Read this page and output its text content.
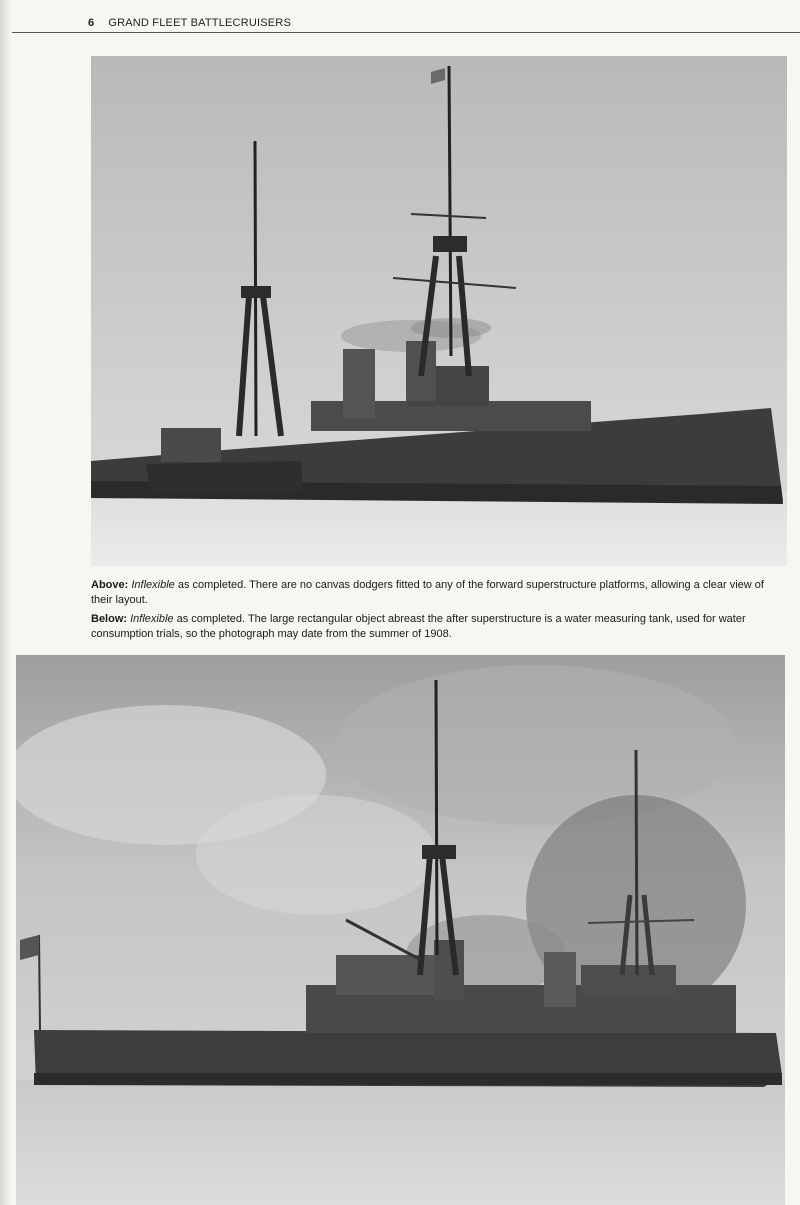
6 GRAND FLEET BATTLECRUISERS

Above: Inflexible as completed. There are no canvas dodgers fitted to any of the forward superstructure platforms, allowing a clear view of their layout.

Below: Inflexible as completed. The large rectangular object abreast the after superstructure is a water measuring tank, used for water consumption trials, so the photograph may date from the summer of 1908.
